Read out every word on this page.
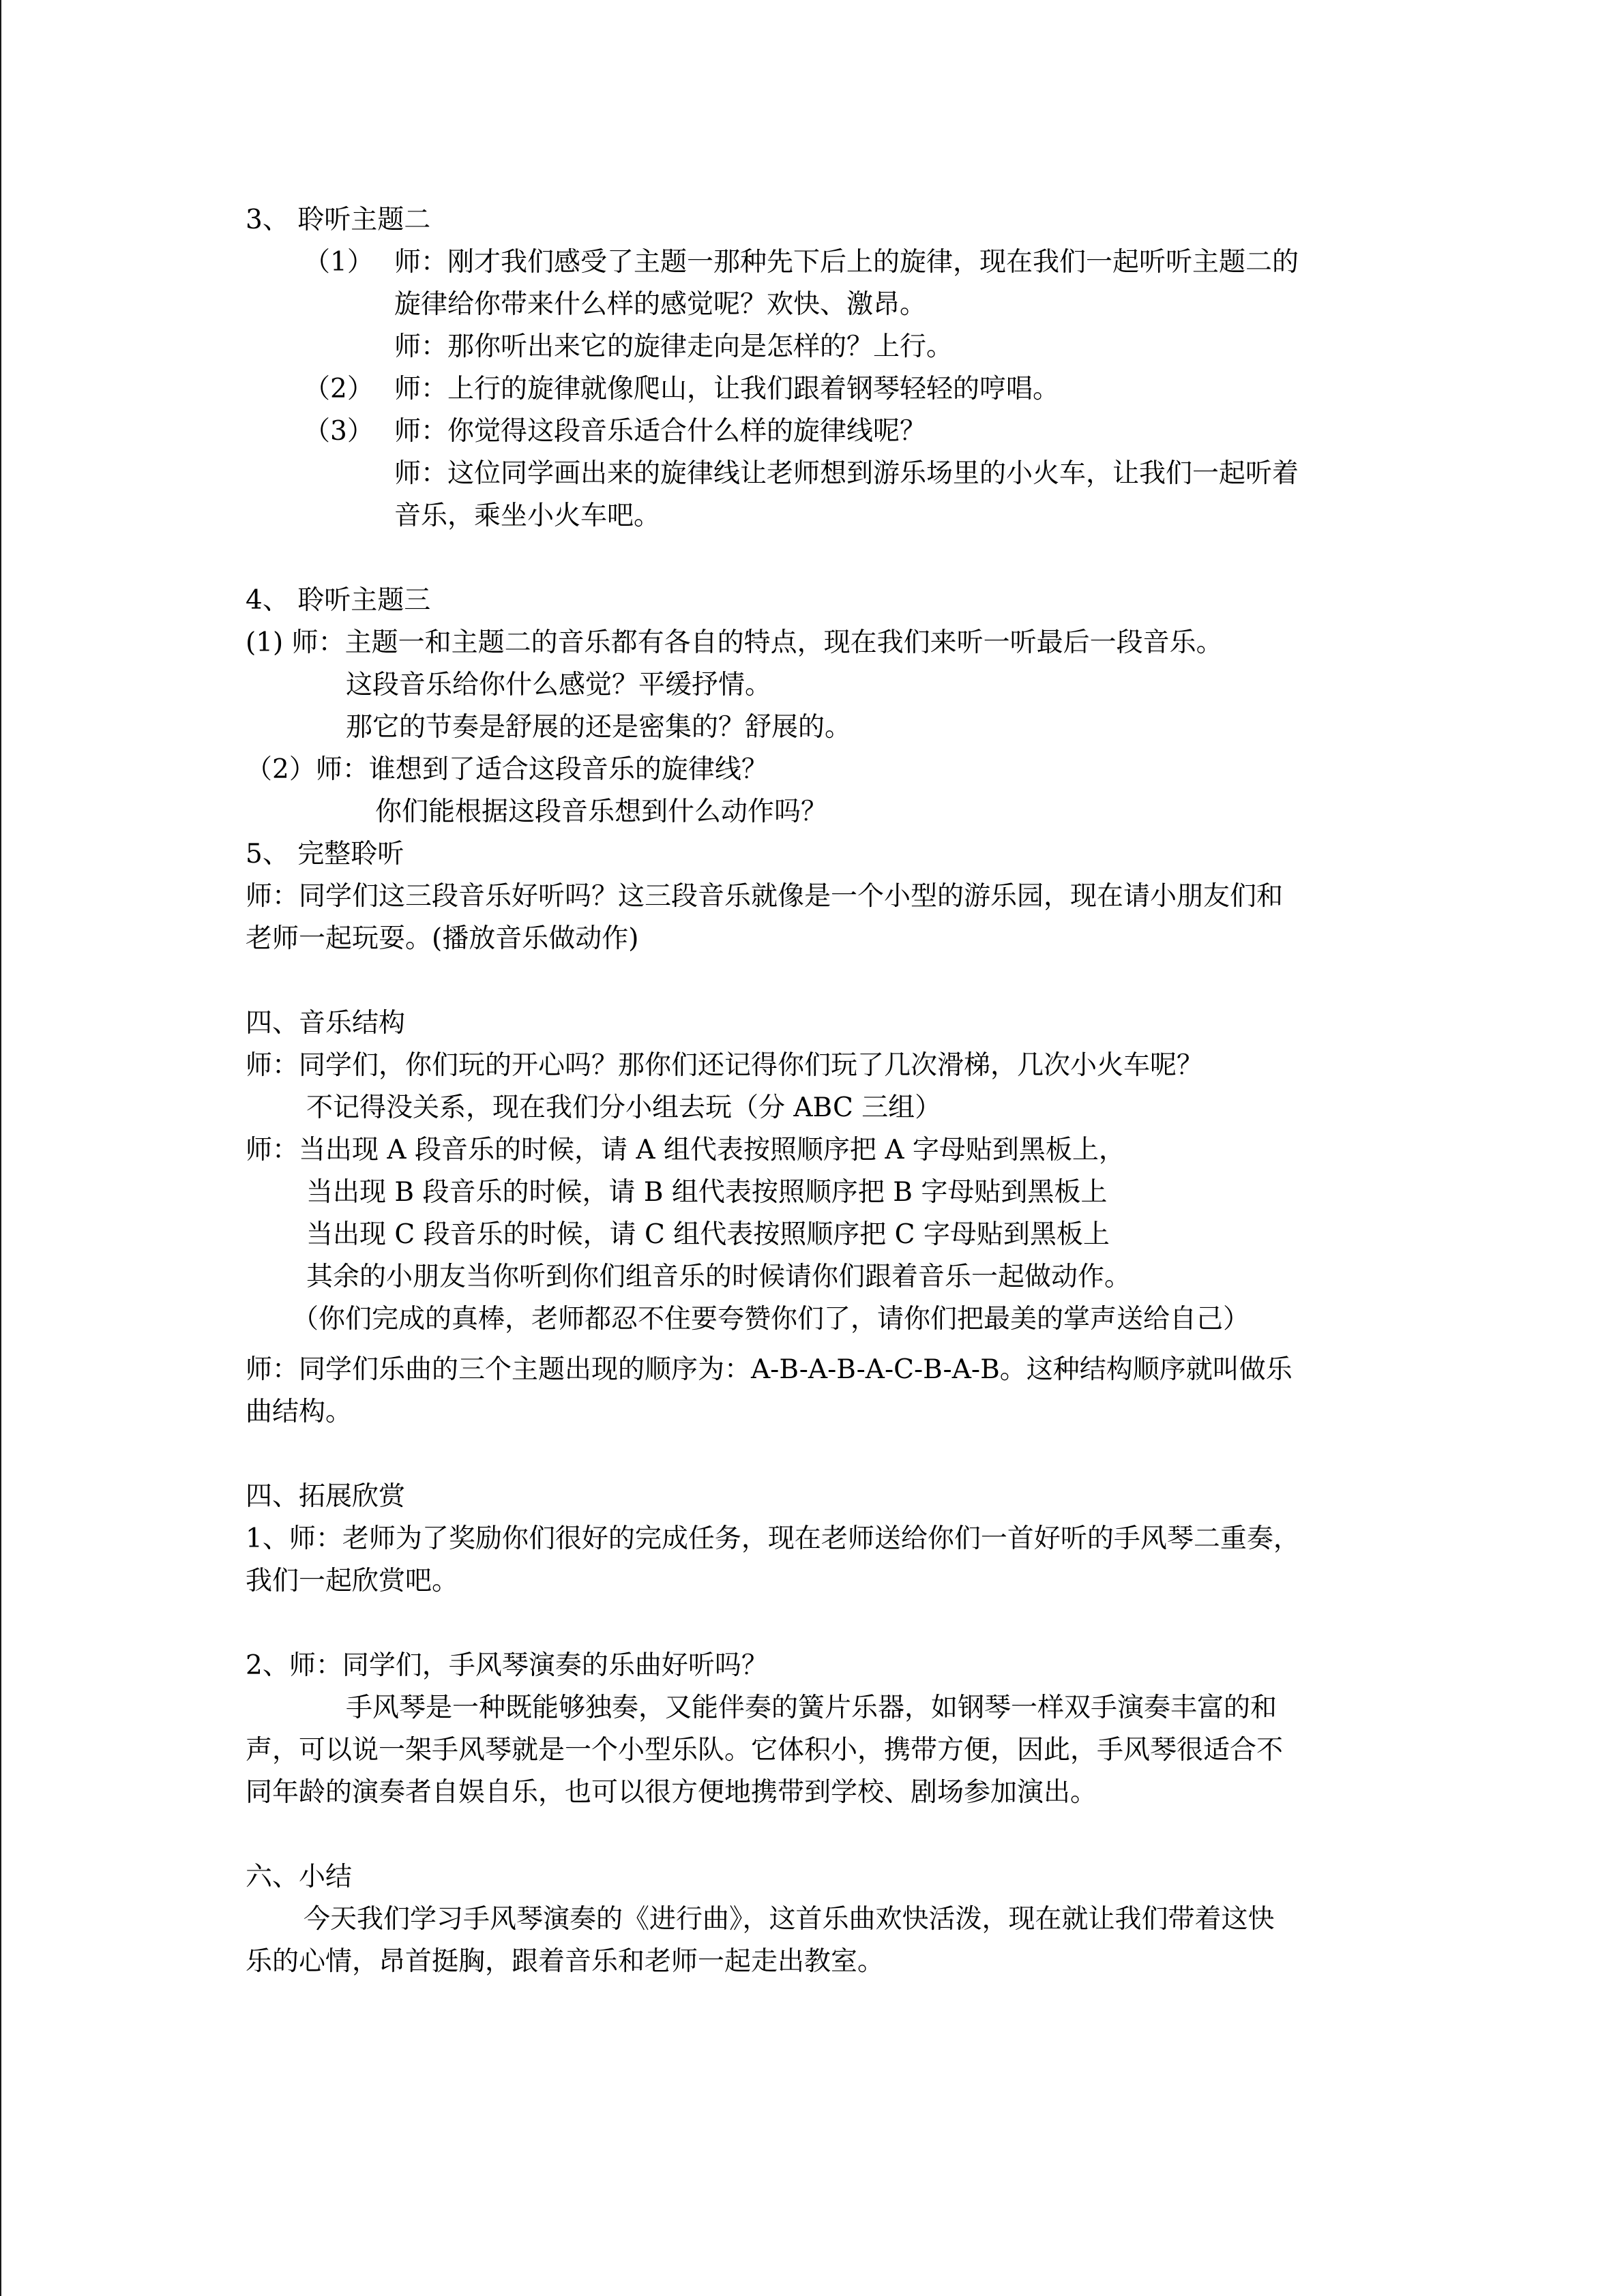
3、 聆听主题二
（1） 师：刚才我们感受了主题一那种先下后上的旋律，现在我们一起听听主题二的
旋律给你带来什么样的感觉呢？欢快、激昂。
师：那你听出来它的旋律走向是怎样的？上行。
（2） 师：上行的旋律就像爬山，让我们跟着钢琴轻轻的哼唱。
（3） 师：你觉得这段音乐适合什么样的旋律线呢？
师：这位同学画出来的旋律线让老师想到游乐场里的小火车，让我们一起听着
音乐，乘坐小火车吧。
4、 聆听主题三
(1) 师：主题一和主题二的音乐都有各自的特点，现在我们来听一听最后一段音乐。
这段音乐给你什么感觉？平缓抒情。
那它的节奏是舒展的还是密集的？舒展的。
（2）师：谁想到了适合这段音乐的旋律线？
你们能根据这段音乐想到什么动作吗？
5、 完整聆听
师：同学们这三段音乐好听吗？这三段音乐就像是一个小型的游乐园，现在请小朋友们和
老师一起玩耍。(播放音乐做动作)
四、音乐结构
师：同学们，你们玩的开心吗？那你们还记得你们玩了几次滑梯，几次小火车呢？
不记得没关系，现在我们分小组去玩（分 ABC 三组）
师：当出现 A 段音乐的时候，请 A 组代表按照顺序把 A 字母贴到黑板上，
当出现 B 段音乐的时候，请 B 组代表按照顺序把 B 字母贴到黑板上
当出现 C 段音乐的时候，请 C 组代表按照顺序把 C 字母贴到黑板上
其余的小朋友当你听到你们组音乐的时候请你们跟着音乐一起做动作。
（你们完成的真棒，老师都忍不住要夸赞你们了，请你们把最美的掌声送给自己）
师：同学们乐曲的三个主题出现的顺序为：A-B-A-B-A-C-B-A-B。这种结构顺序就叫做乐
曲结构。
四、拓展欣赏
1、师：老师为了奖励你们很好的完成任务，现在老师送给你们一首好听的手风琴二重奏，
我们一起欣赏吧。
2、师：同学们，手风琴演奏的乐曲好听吗？
手风琴是一种既能够独奏，又能伴奏的簧片乐器，如钢琴一样双手演奏丰富的和
声，可以说一架手风琴就是一个小型乐队。它体积小，携带方便，因此，手风琴很适合不
同年龄的演奏者自娱自乐，也可以很方便地携带到学校、剧场参加演出。
六、小结
今天我们学习手风琴演奏的《进行曲》，这首乐曲欢快活泼，现在就让我们带着这快
乐的心情，昂首挺胸，跟着音乐和老师一起走出教室。
